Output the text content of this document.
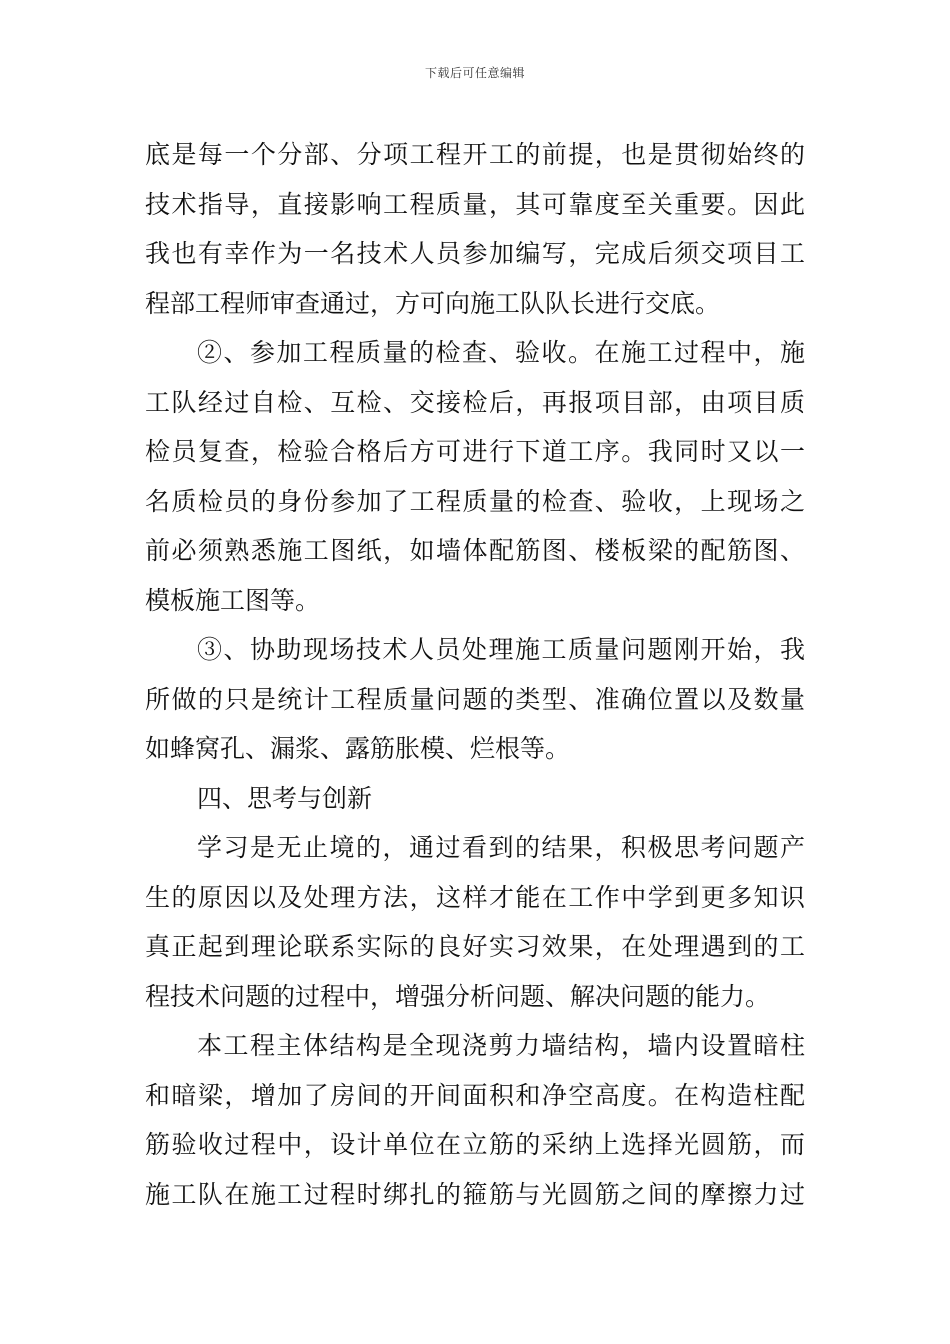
下载后可任意编辑
底是每一个分部、分项工程开工的前提，也是贯彻始终的
技术指导，直接影响工程质量，其可靠度至关重要。因此
我也有幸作为一名技术人员参加编写，完成后须交项目工
程部工程师审查通过，方可向施工队队长进行交底。
②、参加工程质量的检查、验收。在施工过程中，施
工队经过自检、互检、交接检后，再报项目部，由项目质
检员复查，检验合格后方可进行下道工序。我同时又以一
名质检员的身份参加了工程质量的检查、验收，上现场之
前必须熟悉施工图纸，如墙体配筋图、楼板梁的配筋图、
模板施工图等。
③、协助现场技术人员处理施工质量问题刚开始，我
所做的只是统计工程质量问题的类型、准确位置以及数量
如蜂窝孔、漏浆、露筋胀模、烂根等。
四、思考与创新
学习是无止境的，通过看到的结果，积极思考问题产
生的原因以及处理方法，这样才能在工作中学到更多知识
真正起到理论联系实际的良好实习效果，在处理遇到的工
程技术问题的过程中，增强分析问题、解决问题的能力。
本工程主体结构是全现浇剪力墙结构，墙内设置暗柱
和暗梁，增加了房间的开间面积和净空高度。在构造柱配
筋验收过程中，设计单位在立筋的采纳上选择光圆筋，而
施工队在施工过程时绑扎的箍筋与光圆筋之间的摩擦力过
